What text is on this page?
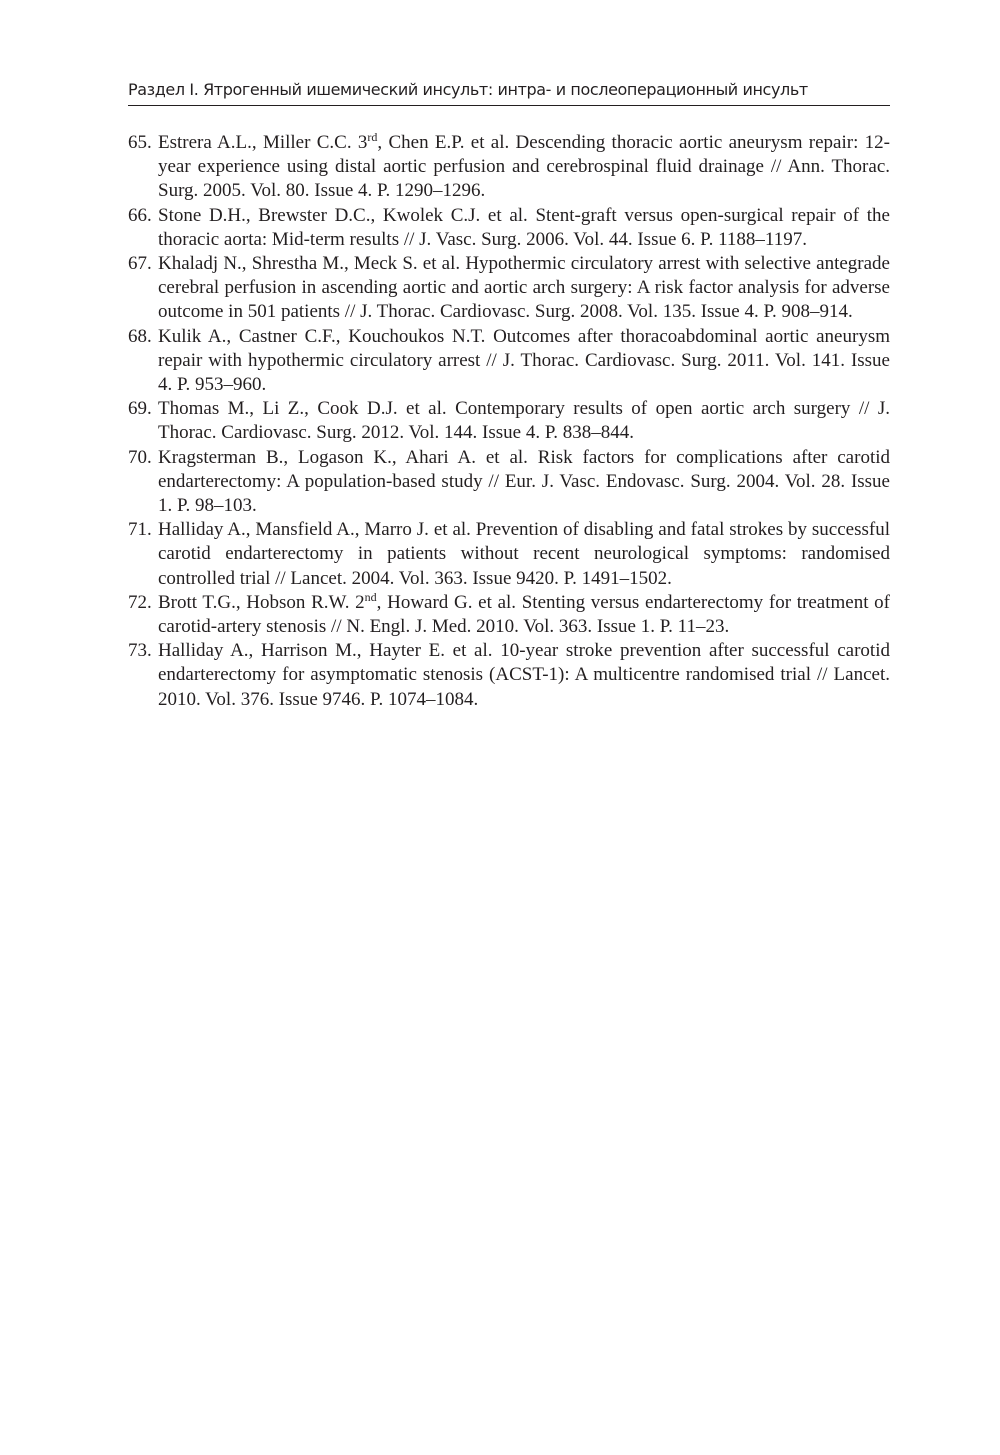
Раздел I. Ятрогенный ишемический инсульт: интра- и послеоперационный инсульт
65. Estrera A.L., Miller C.C. 3rd, Chen E.P. et al. Descending thoracic aortic aneurysm repair: 12-year experience using distal aortic perfusion and cerebrospinal fluid drainage // Ann. Thorac. Surg. 2005. Vol. 80. Issue 4. P. 1290–1296.
66. Stone D.H., Brewster D.C., Kwolek C.J. et al. Stent-graft versus open-surgical repair of the thoracic aorta: Mid-term results // J. Vasc. Surg. 2006. Vol. 44. Issue 6. P. 1188–1197.
67. Khaladj N., Shrestha M., Meck S. et al. Hypothermic circulatory arrest with selective antegrade cerebral perfusion in ascending aortic and aortic arch surgery: A risk factor analysis for adverse outcome in 501 patients // J. Thorac. Cardiovasc. Surg. 2008. Vol. 135. Issue 4. P. 908–914.
68. Kulik A., Castner C.F., Kouchoukos N.T. Outcomes after thoracoabdominal aortic aneurysm repair with hypothermic circulatory arrest // J. Thorac. Cardiovasc. Surg. 2011. Vol. 141. Issue 4. P. 953–960.
69. Thomas M., Li Z., Cook D.J. et al. Contemporary results of open aortic arch surgery // J. Thorac. Cardiovasc. Surg. 2012. Vol. 144. Issue 4. P. 838–844.
70. Kragsterman B., Logason K., Ahari A. et al. Risk factors for complications after carotid endarterectomy: A population-based study // Eur. J. Vasc. Endovasc. Surg. 2004. Vol. 28. Issue 1. P. 98–103.
71. Halliday A., Mansfield A., Marro J. et al. Prevention of disabling and fatal strokes by successful carotid endarterectomy in patients without recent neurological symptoms: randomised controlled trial // Lancet. 2004. Vol. 363. Issue 9420. P. 1491–1502.
72. Brott T.G., Hobson R.W. 2nd, Howard G. et al. Stenting versus endarterectomy for treatment of carotid-artery stenosis // N. Engl. J. Med. 2010. Vol. 363. Issue 1. P. 11–23.
73. Halliday A., Harrison M., Hayter E. et al. 10-year stroke prevention after successful carotid endarterectomy for asymptomatic stenosis (ACST-1): A multicentre randomised trial // Lancet. 2010. Vol. 376. Issue 9746. P. 1074–1084.
